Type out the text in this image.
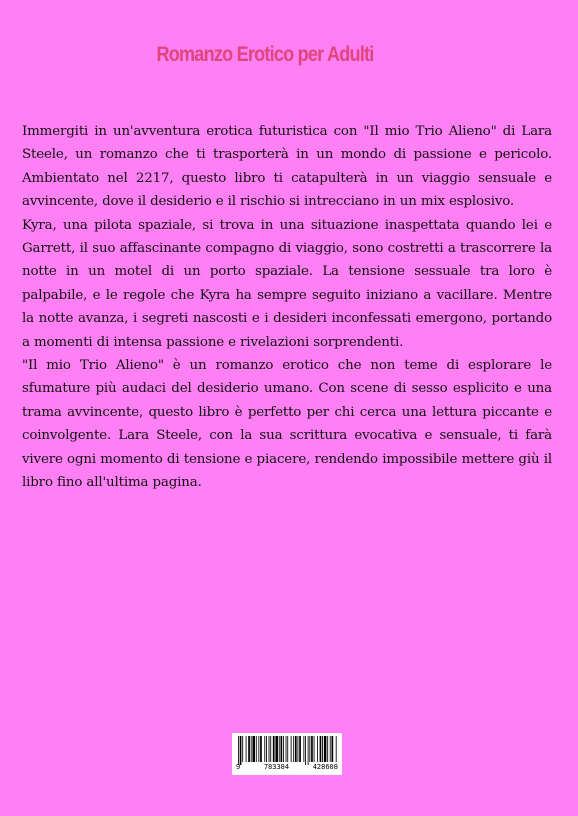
Romanzo Erotico per Adulti

Immergiti in un'avventura erotica futuristica con "Il mio Trio Alieno" di Lara Steele, un romanzo che ti trasporterà in un mondo di passione e pericolo. Ambientato nel 2217, questo libro ti catapulterà in un viaggio sensuale e avvincente, dove il desiderio e il rischio si intrecciano in un mix esplosivo.

Kyra, una pilota spaziale, si trova in una situazione inaspettata quando lei e Garrett, il suo affascinante compagno di viaggio, sono costretti a trascorrere la notte in un motel di un porto spaziale. La tensione sessuale tra loro è palpabile, e le regole che Kyra ha sempre seguito iniziano a vacillare. Mentre la notte avanza, i segreti nascosti e i desideri inconfessati emergono, portando a momenti di intensa passione e rivelazioni sorprendenti.

"Il mio Trio Alieno" è un romanzo erotico che non teme di esplorare le sfumature più audaci del desiderio umano. Con scene di sesso esplicito e una trama avvincente, questo libro è perfetto per chi cerca una lettura piccante e coinvolgente. Lara Steele, con la sua scrittura evocativa e sensuale, ti farà vivere ogni momento di tensione e piacere, rendendo impossibile mettere giù il libro fino all'ultima pagina.

9	783384	428608
